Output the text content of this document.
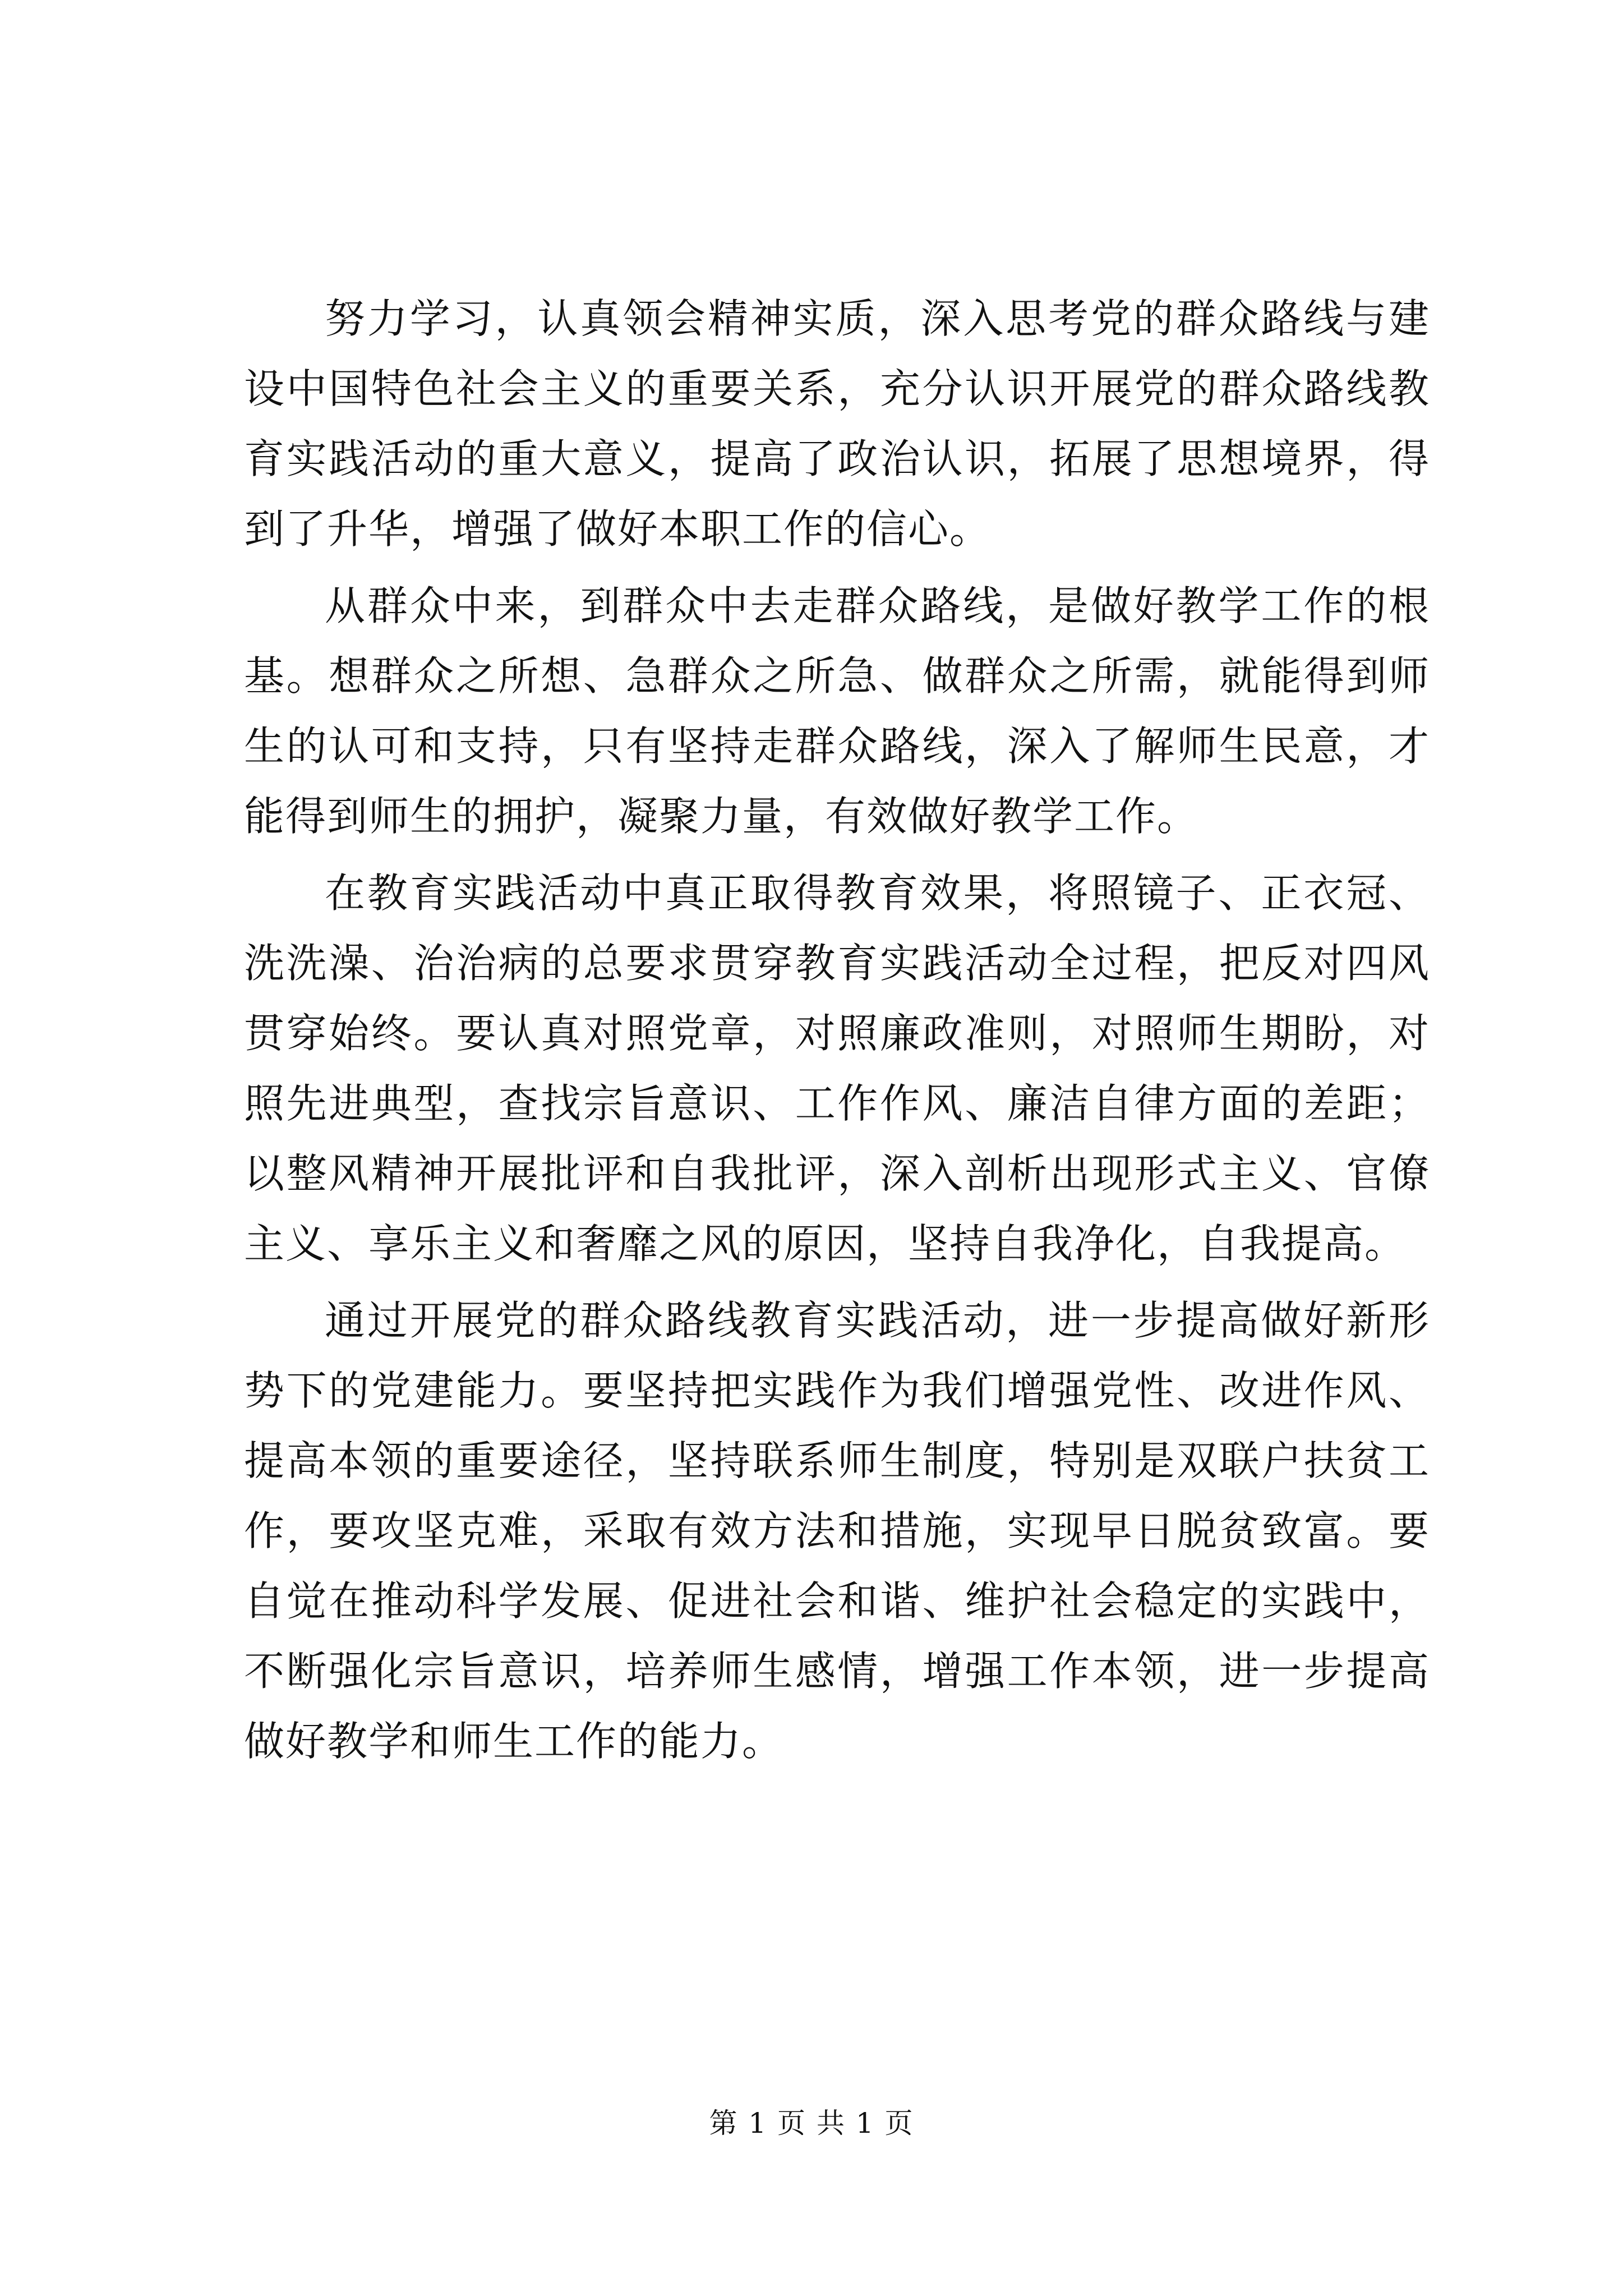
努力学习，认真领会精神实质，深入思考党的群众路线与建设中国特色社会主义的重要关系，充分认识开展党的群众路线教育实践活动的重大意义，提高了政治认识，拓展了思想境界，得到了升华，增强了做好本职工作的信心。

从群众中来，到群众中去走群众路线，是做好教学工作的根基。想群众之所想、急群众之所急、做群众之所需，就能得到师生的认可和支持，只有坚持走群众路线，深入了解师生民意，才能得到师生的拥护，凝聚力量，有效做好教学工作。

在教育实践活动中真正取得教育效果，将照镜子、正衣冠、洗洗澡、治治病的总要求贯穿教育实践活动全过程，把反对四风贯穿始终。要认真对照党章，对照廉政准则，对照师生期盼，对照先进典型，查找宗旨意识、工作作风、廉洁自律方面的差距；以整风精神开展批评和自我批评，深入剖析出现形式主义、官僚主义、享乐主义和奢靡之风的原因，坚持自我净化，自我提高。

通过开展党的群众路线教育实践活动，进一步提高做好新形势下的党建能力。要坚持把实践作为我们增强党性、改进作风、提高本领的重要途径，坚持联系师生制度，特别是双联户扶贫工作，要攻坚克难，采取有效方法和措施，实现早日脱贫致富。要自觉在推动科学发展、促进社会和谐、维护社会稳定的实践中，不断强化宗旨意识，培养师生感情，增强工作本领，进一步提高做好教学和师生工作的能力。

第 1 页 共 1 页
